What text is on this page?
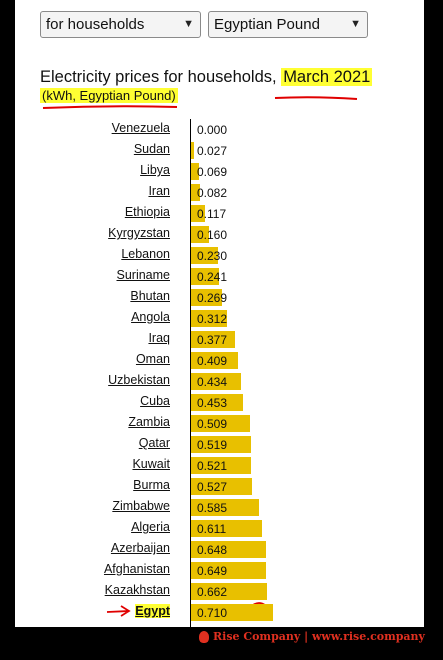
for households	▼	Egyptian Pound	▼
Electricity prices for households, March 2021
(kWh, Egyptian Pound)
Venezuela 0.000
Sudan 0.027
Libya 0.069
Iran 0.082
Ethiopia 0.117
Kyrgyzstan 0.160
Lebanon 0.230
Suriname 0.241
Bhutan 0.269
Angola 0.312
Iraq 0.377
Oman 0.409
Uzbekistan 0.434
Cuba 0.453
Zambia 0.509
Qatar 0.519
Kuwait 0.521
Burma 0.527
Zimbabwe 0.585
Algeria 0.611
Azerbaijan 0.648
Afghanistan 0.649
Kazakhstan 0.662
Egypt 0.710
Rise Company | www.rise.company
